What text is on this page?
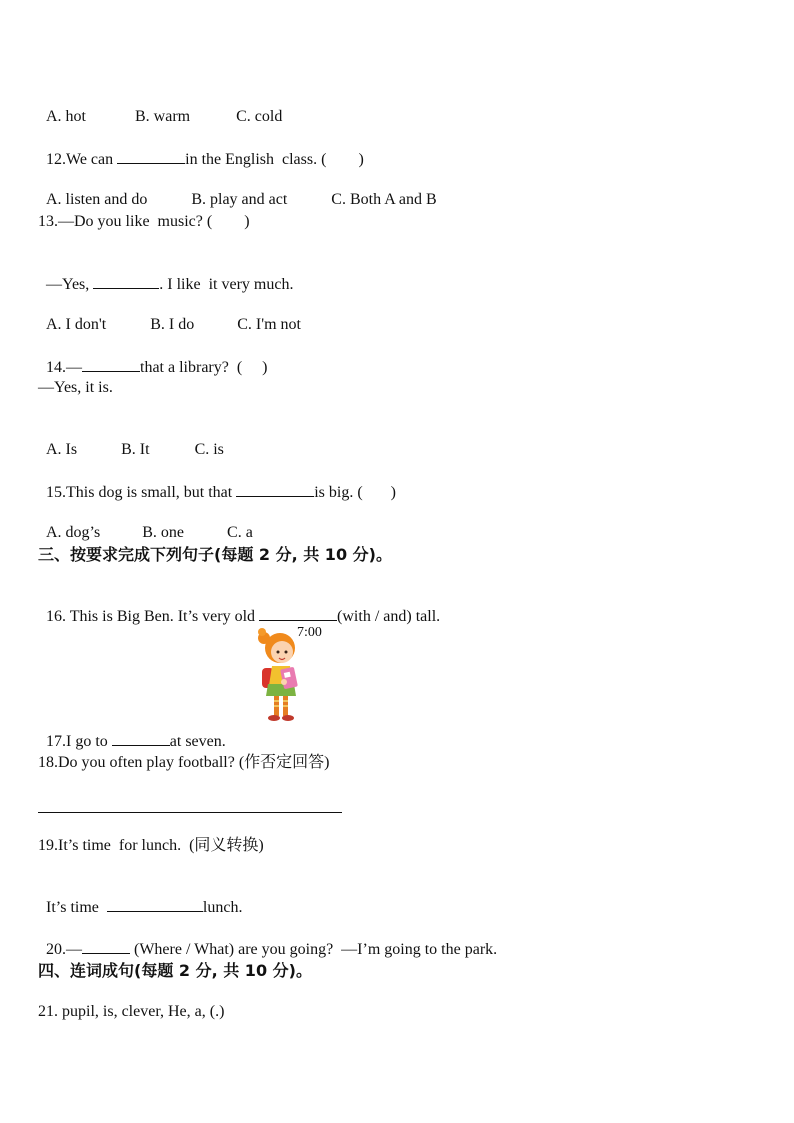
A. hot	B. warm	C. cold

12.We can	in the English  class. (        )

A. listen and do	B. play and act	C. Both A and B

13.—Do you like  music? (        )

—Yes,	. I like  it very much.

A. I don't	B. I do	C. I'm not

14.—	that a library?  (     )

—Yes, it is.

A. Is	B. It	C. is

15.This dog is small, but that	is big. (       )

A. dog’s	B. one	C. a

三、按要求完成下列句子(每题 2 分, 共 10 分)。

16. This is Big Ben. It’s very old	(with / and) tall.

7:00

17.I go to	at seven.

18.Do you often play football? (作否定回答)
19.It’s time  for lunch.  (同义转换)

It’s time	lunch.

20.—	(Where / What) are you going?  —I’m going to the park.

四、连词成句(每题 2 分, 共 10 分)。
21. pupil, is, clever, He, a, (.)
